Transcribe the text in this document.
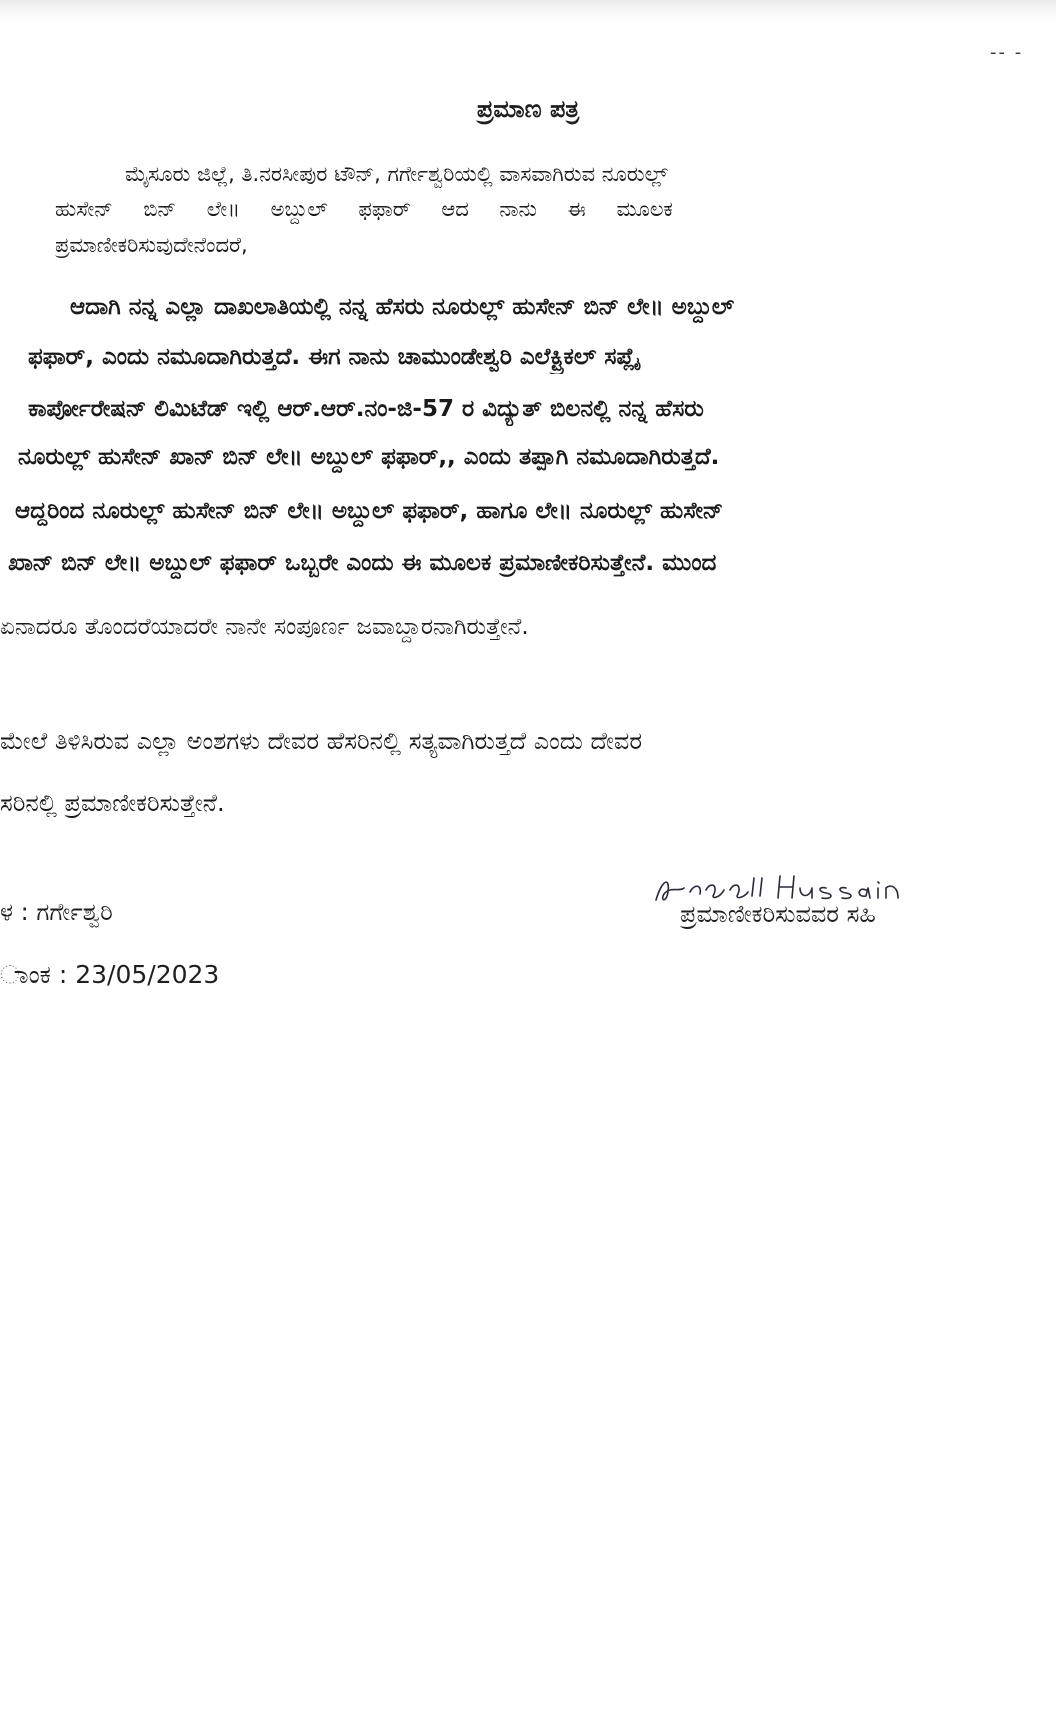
-- -
ಪ್ರಮಾಣ ಪತ್ರ
ಮೈಸೂರು ಜಿಲ್ಲೆ, ತಿ.ನರಸೀಪುರ ಟೌನ್, ಗರ್ಗೇಶ್ವರಿಯಲ್ಲಿ ವಾಸವಾಗಿರುವ ನೂರುಲ್ಲ್
ಹುಸೇನ್ ಬಿನ್ ಲೇ॥ ಅಬ್ದುಲ್ ಫಫಾರ್ ಆದ ನಾನು ಈ ಮೂಲಕ
ಪ್ರಮಾಣೀಕರಿಸುವುದೇನೆಂದರೆ,
ಆದಾಗಿ ನನ್ನ ಎಲ್ಲಾ ದಾಖಲಾತಿಯಲ್ಲಿ ನನ್ನ ಹೆಸರು ನೂರುಲ್ಲ್ ಹುಸೇನ್ ಬಿನ್ ಲೇ॥ ಅಬ್ದುಲ್
ಫಫಾರ್, ಎಂದು ನಮೂದಾಗಿರುತ್ತದೆ. ಈಗ ನಾನು ಚಾಮುಂಡೇಶ್ವರಿ ಎಲೆಕ್ಟ್ರಿಕಲ್ ಸಪ್ಲೈ
ಕಾರ್ಪೋರೇಷನ್ ಲಿಮಿಟೆಡ್ ಇಲ್ಲಿ ಆರ್.ಆರ್.ನಂ-ಜಿ-57 ರ ವಿದ್ಯುತ್ ಬಿಲನಲ್ಲಿ ನನ್ನ ಹೆಸರು
ನೂರುಲ್ಲ್ ಹುಸೇನ್ ಖಾನ್ ಬಿನ್ ಲೇ॥ ಅಬ್ದುಲ್ ಫಫಾರ್,, ಎಂದು ತಪ್ಪಾಗಿ ನಮೂದಾಗಿರುತ್ತದೆ.
ಆದ್ದರಿಂದ ನೂರುಲ್ಲ್ ಹುಸೇನ್ ಬಿನ್ ಲೇ॥ ಅಬ್ದುಲ್ ಫಫಾರ್, ಹಾಗೂ ಲೇ॥ ನೂರುಲ್ಲ್ ಹುಸೇನ್
ಖಾನ್ ಬಿನ್ ಲೇ॥ ಅಬ್ದುಲ್ ಫಫಾರ್ ಒಬ್ಬರೇ ಎಂದು ಈ ಮೂಲಕ ಪ್ರಮಾಣೀಕರಿಸುತ್ತೇನೆ. ಮುಂದ
ಏನಾದರೂ ತೊಂದರೆಯಾದರೇ ನಾನೇ ಸಂಪೂರ್ಣ ಜವಾಬ್ದಾರನಾಗಿರುತ್ತೇನೆ.
ಮೇಲೆ ತಿಳಿಸಿರುವ ಎಲ್ಲಾ ಅಂಶಗಳು ದೇವರ ಹೆಸರಿನಲ್ಲಿ ಸತ್ಯವಾಗಿರುತ್ತದೆ ಎಂದು ದೇವರ
ಸರಿನಲ್ಲಿ ಪ್ರಮಾಣೀಕರಿಸುತ್ತೇನೆ.
ಳ : ಗರ್ಗೇಶ್ವರಿ
ಾಂಕ : 23/05/2023
ಪ್ರಮಾಣೀಕರಿಸುವವರ ಸಹಿ
